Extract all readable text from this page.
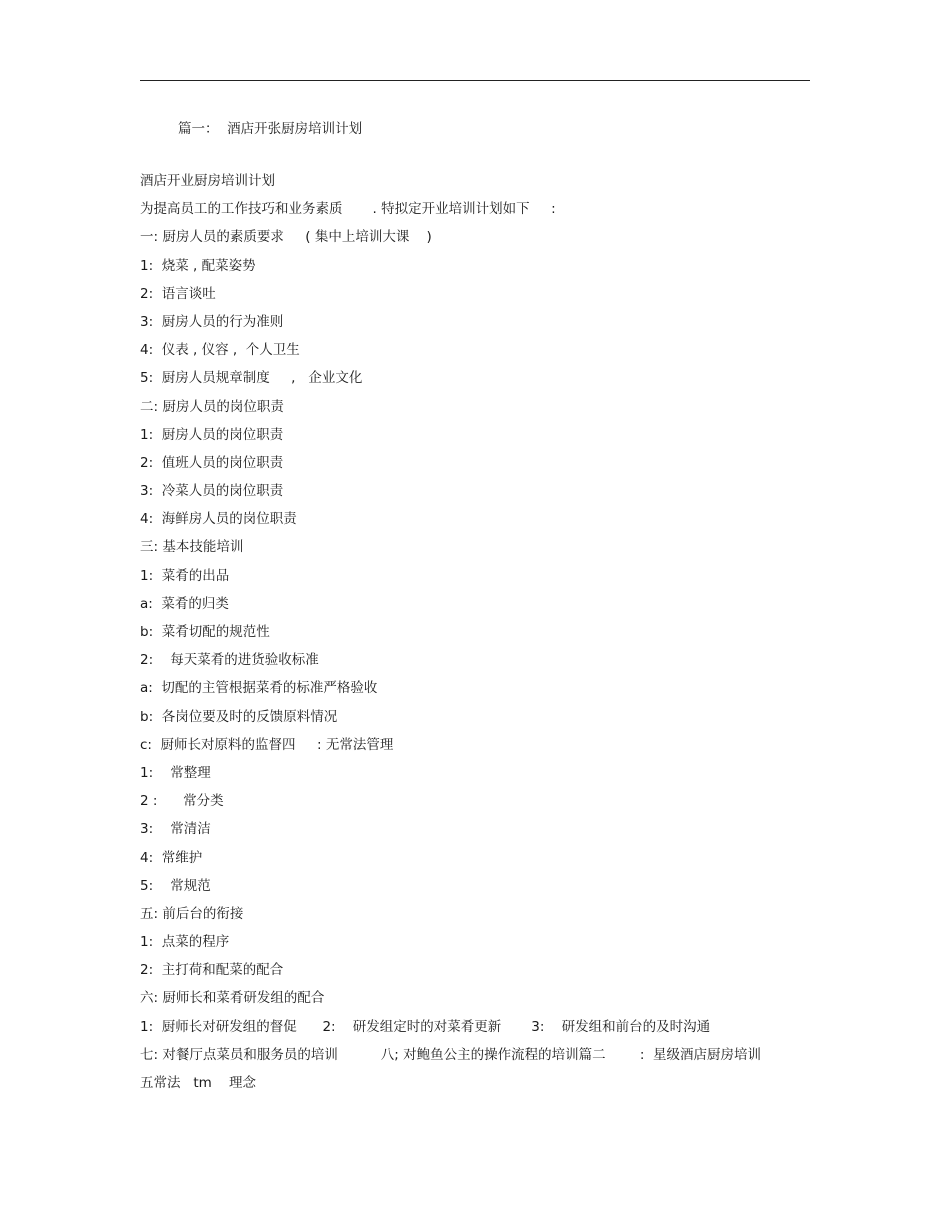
篇一：  酒店开张厨房培训计划
酒店开业厨房培训计划
为提高员工的工作技巧和业务素质       . 特拟定开业培训计划如下     :
一: 厨房人员的素质要求     ( 集中上培训大课    )
1:  烧菜 , 配菜姿势
2:  语言谈吐
3:  厨房人员的行为准则
4:  仪表 , 仪容 ,  个人卫生
5:  厨房人员规章制度     ,   企业文化
二: 厨房人员的岗位职责
1:  厨房人员的岗位职责
2:  值班人员的岗位职责
3:  冷菜人员的岗位职责
4:  海鲜房人员的岗位职责
三: 基本技能培训
1:  菜肴的出品
a:  菜肴的归类
b:  菜肴切配的规范性
2:    每天菜肴的进货验收标准
a:  切配的主管根据菜肴的标准严格验收
b:  各岗位要及时的反馈原料情况
c:  厨师长对原料的监督四     : 无常法管理
1:    常整理
2 :      常分类
3:    常清洁
4:  常维护
5:    常规范
五: 前后台的衔接
1:  点菜的程序
2:  主打荷和配菜的配合
六: 厨师长和菜肴研发组的配合
1:  厨师长对研发组的督促      2:    研发组定时的对菜肴更新       3:    研发组和前台的及时沟通
七: 对餐厅点菜员和服务员的培训          八; 对鲍鱼公主的操作流程的培训篇二        :  星级酒店厨房培训
五常法   tm    理念
